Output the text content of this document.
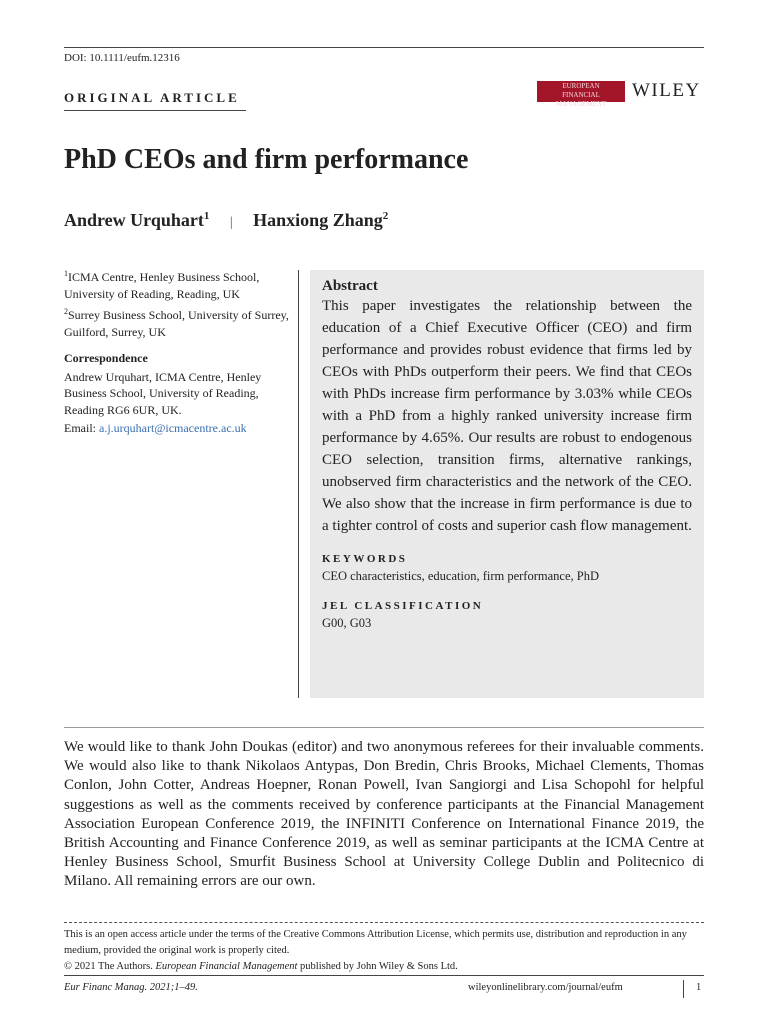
DOI: 10.1111/eufm.12316
ORIGINAL ARTICLE
EUROPEAN
FINANCIAL MANAGEMENT
WILEY
PhD CEOs and firm performance
Andrew Urquhart$^1$ | Hanxiong Zhang$^2$

$^1$ICMA Centre, Henley Business School, University of Reading, Reading, UK

$^2$Surrey Business School, University of Surrey, Guilford, Surrey, UK

Correspondence

Andrew Urquhart, ICMA Centre, Henley Business School, University of Reading, Reading RG6 6UR, UK.

Email: a.j.urquhart@icmacentre.ac.uk

Abstract

This paper investigates the relationship between the education of a Chief Executive Officer (CEO) and firm performance and provides robust evidence that firms led by CEOs with PhDs outperform their peers. We find that CEOs with PhDs increase firm performance by 3.03% while CEOs with a PhD from a highly ranked university increase firm performance by 4.65%. Our results are robust to endogenous CEO selection, transition firms, alternative rankings, unobserved firm characteristics and the network of the CEO. We also show that the increase in firm performance is due to a tighter control of costs and superior cash flow management.

KEYWORDS
CEO characteristics, education, firm performance, PhD
JEL CLASSIFICATION
G00, G03

We would like to thank John Doukas (editor) and two anonymous referees for their invaluable comments. We would also like to thank Nikolaos Antypas, Don Bredin, Chris Brooks, Michael Clements, Thomas Conlon, John Cotter, Andreas Hoepner, Ronan Powell, Ivan Sangiorgi and Lisa Schopohl for helpful suggestions as well as the comments received by conference participants at the Financial Management Association European Conference 2019, the INFINITI Conference on International Finance 2019, the British Accounting and Finance Conference 2019, as well as seminar participants at the ICMA Centre at Henley Business School, Smurfit Business School at University College Dublin and Politecnico di Milano. All remaining errors are our own.

This is an open access article under the terms of the Creative Commons Attribution License, which permits use, distribution and reproduction in any medium, provided the original work is properly cited.
© 2021 The Authors. European Financial Management published by John Wiley & Sons Ltd.
Eur Financ Manag. 2021;1–49.	wileyonlinelibrary.com/journal/eufm	1
